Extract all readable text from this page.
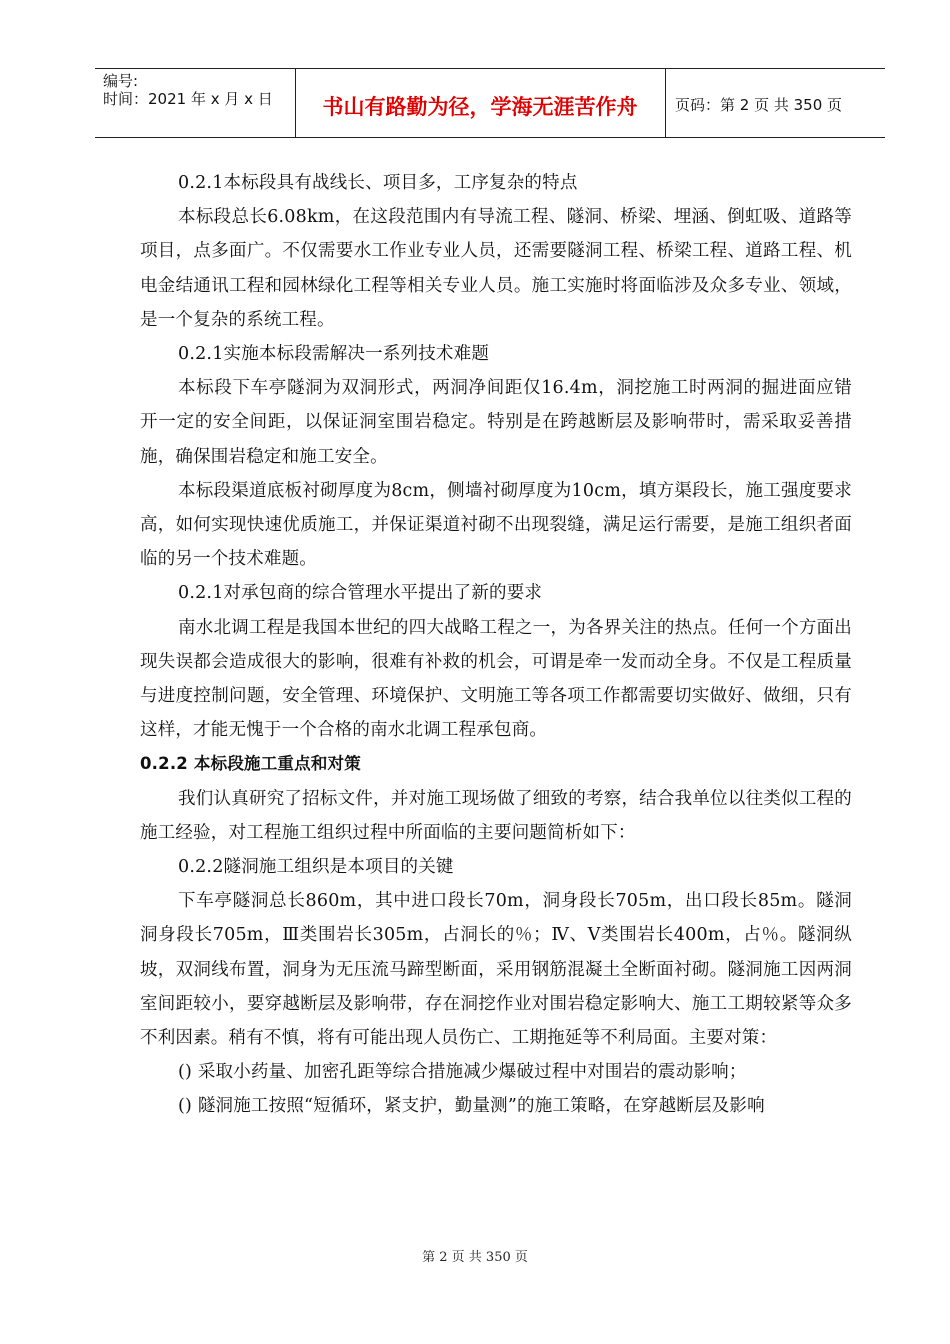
编号:
时间：2021 年 x 月 x 日	书山有路勤为径，学海无涯苦作舟	页码：第 2 页 共 350 页

0.2.1本标段具有战线长、项目多，工序复杂的特点

本标段总长6.08km，在这段范围内有导流工程、隧洞、桥梁、埋涵、倒虹吸、道路等项目，点多面广。不仅需要水工作业专业人员，还需要隧洞工程、桥梁工程、道路工程、机电金结通讯工程和园林绿化工程等相关专业人员。施工实施时将面临涉及众多专业、领域，是一个复杂的系统工程。

0.2.1实施本标段需解决一系列技术难题

本标段下车亭隧洞为双洞形式，两洞净间距仅16.4m，洞挖施工时两洞的掘进面应错开一定的安全间距，以保证洞室围岩稳定。特别是在跨越断层及影响带时，需采取妥善措施，确保围岩稳定和施工安全。

本标段渠道底板衬砌厚度为8cm，侧墙衬砌厚度为10cm，填方渠段长，施工强度要求高，如何实现快速优质施工，并保证渠道衬砌不出现裂缝，满足运行需要，是施工组织者面临的另一个技术难题。

0.2.1对承包商的综合管理水平提出了新的要求

南水北调工程是我国本世纪的四大战略工程之一，为各界关注的热点。任何一个方面出现失误都会造成很大的影响，很难有补救的机会，可谓是牵一发而动全身。不仅是工程质量与进度控制问题，安全管理、环境保护、文明施工等各项工作都需要切实做好、做细，只有这样，才能无愧于一个合格的南水北调工程承包商。

0.2.2 本标段施工重点和对策

我们认真研究了招标文件，并对施工现场做了细致的考察，结合我单位以往类似工程的施工经验，对工程施工组织过程中所面临的主要问题简析如下：

0.2.2隧洞施工组织是本项目的关键

下车亭隧洞总长860m，其中进口段长70m，洞身段长705m，出口段长85m。隧洞洞身段长705m，Ⅲ类围岩长305m，占洞长的％；Ⅳ、Ⅴ类围岩长400m，占％。隧洞纵坡，双洞线布置，洞身为无压流马蹄型断面，采用钢筋混凝土全断面衬砌。隧洞施工因两洞室间距较小，要穿越断层及影响带，存在洞挖作业对围岩稳定影响大、施工工期较紧等众多不利因素。稍有不慎，将有可能出现人员伤亡、工期拖延等不利局面。主要对策：

() 采取小药量、加密孔距等综合措施减少爆破过程中对围岩的震动影响；

() 隧洞施工按照“短循环，紧支护，勤量测”的施工策略，在穿越断层及影响

第 2 页 共 350 页
